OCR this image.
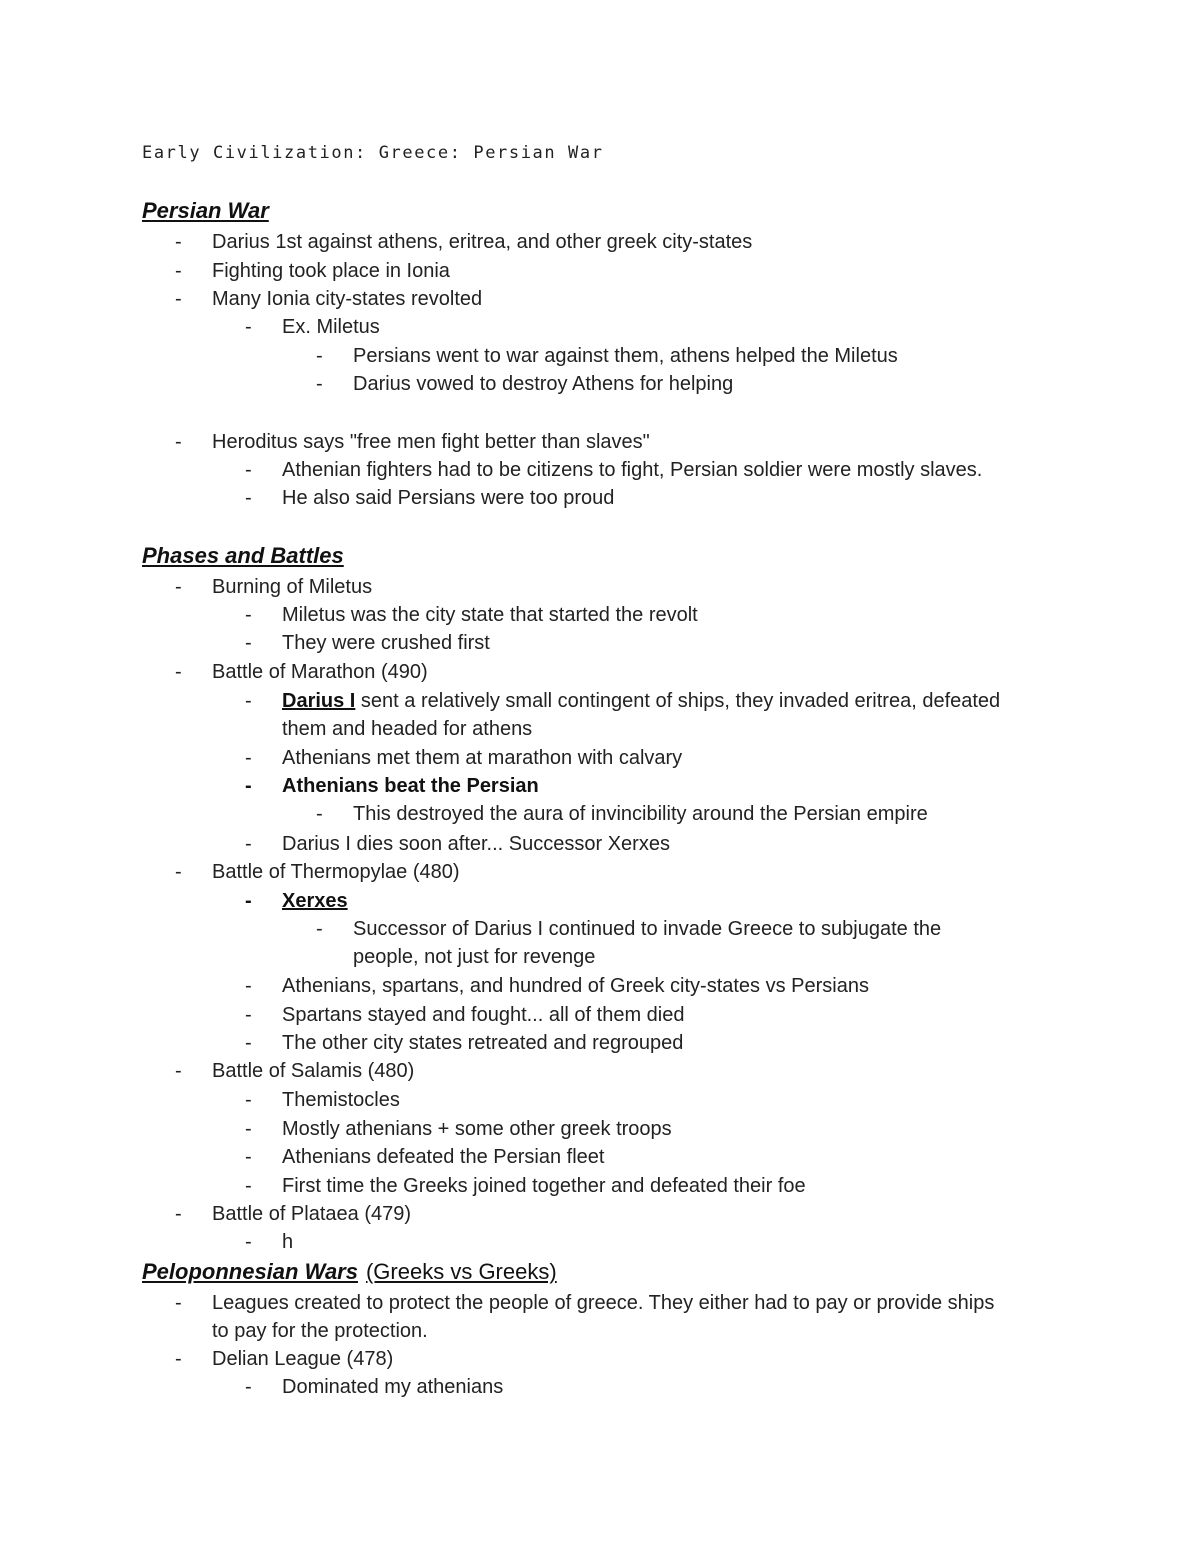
Early Civilization: Greece: Persian War
Persian War
- Darius 1st against athens, eritrea, and other greek city-states
- Fighting took place in Ionia
- Many Ionia city-states revolted
- Ex. Miletus
- Persians went to war against them, athens helped the Miletus
- Darius vowed to destroy Athens for helping
- Heroditus says "free men fight better than slaves"
- Athenian fighters had to be citizens to fight, Persian soldier were mostly slaves.
- He also said Persians were too proud
Phases and Battles
- Burning of Miletus
- Miletus was the city state that started the revolt
- They were crushed first
- Battle of Marathon (490)
- Darius I sent a relatively small contingent of ships, they invaded eritrea, defeated
them and headed for athens
- Athenians met them at marathon with calvary
- Athenians beat the Persian
- This destroyed the aura of invincibility around the Persian empire
- Darius I dies soon after... Successor Xerxes
- Battle of Thermopylae (480)
- Xerxes
- Successor of Darius I continued to invade Greece to subjugate the
people, not just for revenge
- Athenians, spartans, and hundred of Greek city-states vs Persians
- Spartans stayed and fought... all of them died
- The other city states retreated and regrouped
- Battle of Salamis (480)
- Themistocles
- Mostly athenians + some other greek troops
- Athenians defeated the Persian fleet
- First time the Greeks joined together and defeated their foe
- Battle of Plataea (479)
- h
Peloponnesian Wars (Greeks vs Greeks)
- Leagues created to protect the people of greece. They either had to pay or provide ships
to pay for the protection.
- Delian League (478)
- Dominated my athenians
